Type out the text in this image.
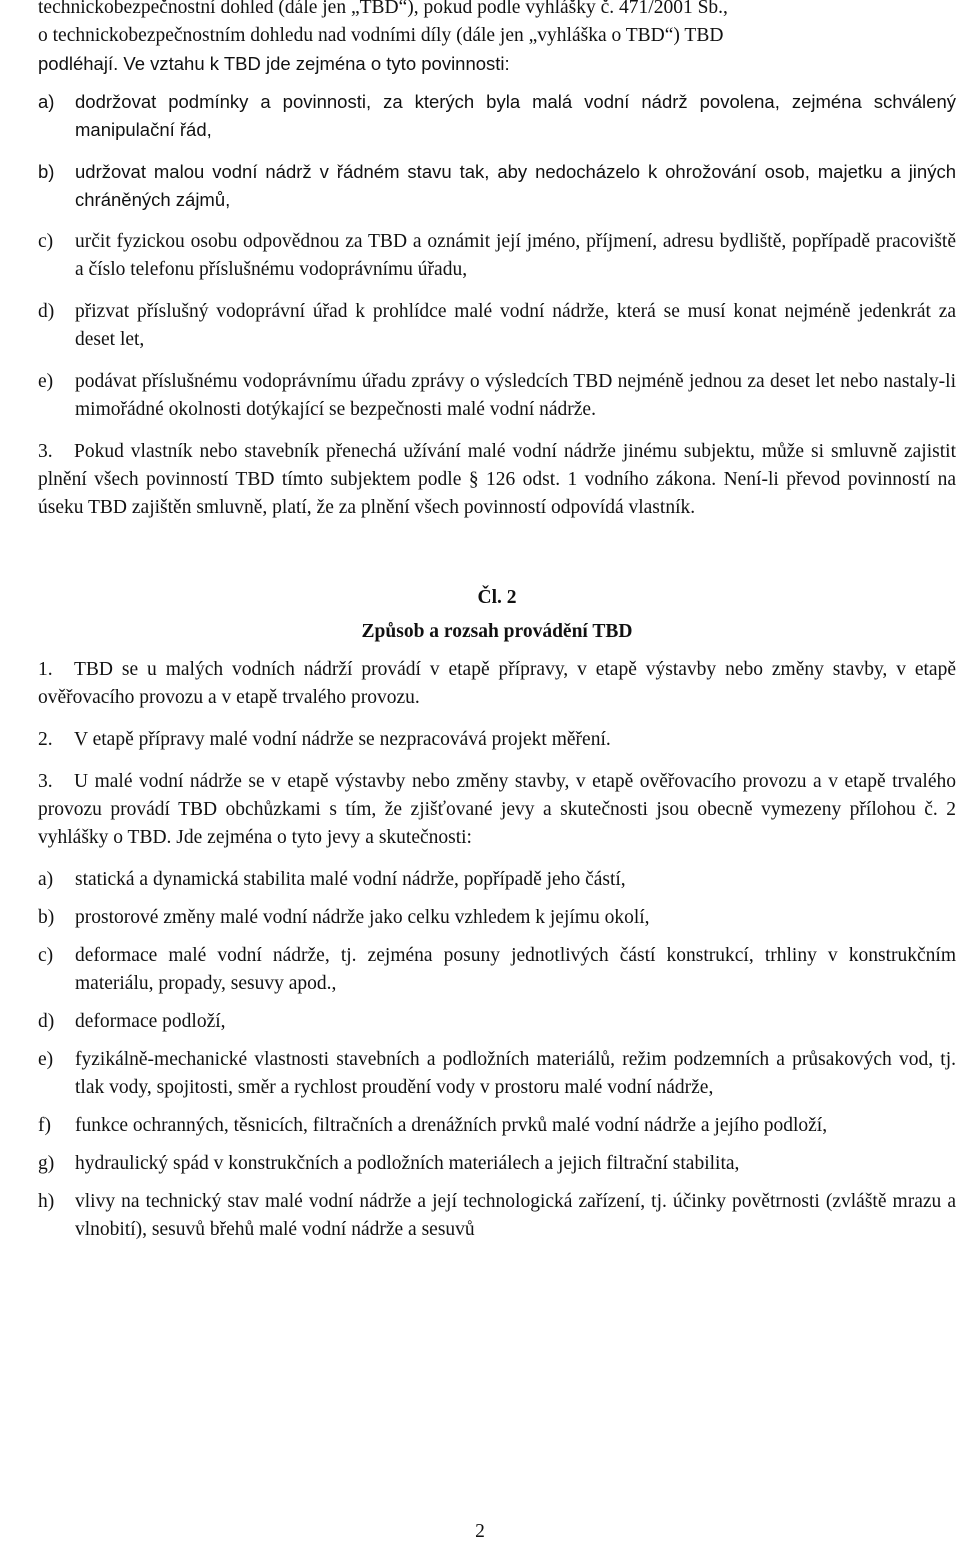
technickobezpečnostní dohled (dále jen „TBD“), pokud podle vyhlášky č. 471/2001 Sb.,

o technickobezpečnostním dohledu nad vodními díly (dále jen „vyhláška o TBD“) TBD

podléhají. Ve vztahu k TBD jde zejména o tyto povinnosti:

a) dodržovat podmínky a povinnosti, za kterých byla malá vodní nádrž povolena, zejména schválený manipulační řád,

b) udržovat malou vodní nádrž v řádném stavu tak, aby nedocházelo k ohrožování osob, majetku a jiných chráněných zájmů,

c) určit fyzickou osobu odpovědnou za TBD a oznámit její jméno, příjmení, adresu bydliště, popřípadě pracoviště a číslo telefonu příslušnému vodoprávnímu úřadu,

d) přizvat příslušný vodoprávní úřad k prohlídce malé vodní nádrže, která se musí konat nejméně jedenkrát za deset let,

e) podávat příslušnému vodoprávnímu úřadu zprávy o výsledcích TBD nejméně jednou za deset let nebo nastaly-li mimořádné okolnosti dotýkající se bezpečnosti malé vodní nádrže.

3. Pokud vlastník nebo stavebník přenechá užívání malé vodní nádrže jinému subjektu, může si smluvně zajistit plnění všech povinností TBD tímto subjektem podle § 126 odst. 1 vodního zákona. Není-li převod povinností na úseku TBD zajištěn smluvně, platí, že za plnění všech povinností odpovídá vlastník.

Čl. 2

Způsob a rozsah provádění TBD

1. TBD se u malých vodních nádrží provádí v etapě přípravy, v etapě výstavby nebo změny stavby, v etapě ověřovacího provozu a v etapě trvalého provozu.

2. V etapě přípravy malé vodní nádrže se nezpracovává projekt měření.

3. U malé vodní nádrže se v etapě výstavby nebo změny stavby, v etapě ověřovacího provozu a v etapě trvalého provozu provádí TBD obchůzkami s tím, že zjišťované jevy a skutečnosti jsou obecně vymezeny přílohou č. 2 vyhlášky o TBD. Jde zejména o tyto jevy a skutečnosti:

a) statická a dynamická stabilita malé vodní nádrže, popřípadě jeho částí,

b) prostorové změny malé vodní nádrže jako celku vzhledem k jejímu okolí,

c) deformace malé vodní nádrže, tj. zejména posuny jednotlivých částí konstrukcí, trhliny v konstrukčním materiálu, propady, sesuvy apod.,

d) deformace podloží,

e) fyzikálně-mechanické vlastnosti stavebních a podložních materiálů, režim podzemních a průsakových vod, tj. tlak vody, spojitosti, směr a rychlost proudění vody v prostoru malé vodní nádrže,

f) funkce ochranných, těsnicích, filtračních a drenážních prvků malé vodní nádrže a jejího podloží,

g) hydraulický spád v konstrukčních a podložních materiálech a jejich filtrační stabilita,

h) vlivy na technický stav malé vodní nádrže a její technologická zařízení, tj. účinky povětrnosti (zvláště mrazu a vlnobití), sesuvů břehů malé vodní nádrže a sesuvů

2
